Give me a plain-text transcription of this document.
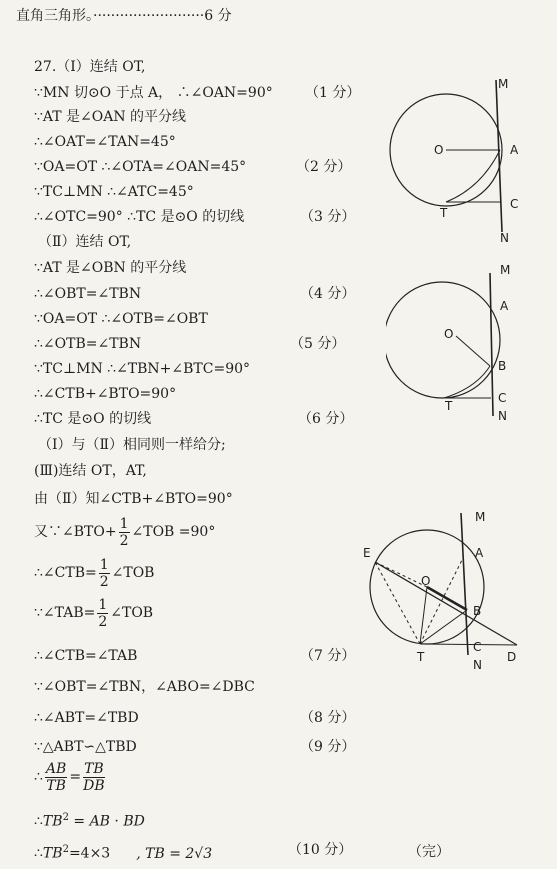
直角三角形。·························6 分
27.（Ⅰ）连结 OT,
∵MN 切⊙O 于点 A， ∴∠OAN=90° （1 分）
∵AT 是∠OAN 的平分线
∴∠OAT=∠TAN=45°
∵OA=OT ∴∠OTA=∠OAN=45°	（2 分）
∵TC⊥MN ∴∠ATC=45°
∴∠OTC=90° ∴TC 是⊙O 的切线	（3 分）
（Ⅱ）连结 OT,
∵AT 是∠OBN 的平分线
∴∠OBT=∠TBN	（4 分）
∵OA=OT ∴∠OTB=∠OBT
∴∠OTB=∠TBN	（5 分）
∵TC⊥MN ∴∠TBN+∠BTC=90°
∴∠CTB+∠BTO=90°
∴TC 是⊙O 的切线	（6 分）
（Ⅰ）与（Ⅱ）相同则一样给分;
(Ⅲ)连结 OT，AT,
由（Ⅱ）知∠CTB+∠BTO=90°
又∵∠BTO+ $\frac{1}{2}$ ∠TOB =90°
∴∠CTB= $\frac{1}{2}$ ∠TOB
∵∠TAB= $\frac{1}{2}$ ∠TOB
∴∠CTB=∠TAB	（7 分）
∵∠OBT=∠TBN，∠ABO=∠DBC
∴∠ABT=∠TBD	（8 分）
∵△ABT∽△TBD	（9 分）
∴ $\frac{AB}{TB} = \frac{TB}{DB}$
$\therefore TB^2$ = AB · BD
$\therefore TB^2=4\times 3$ , TB = 2√3	（10 分）	（完）
M
O	A
T
C
N
M
A
O
B
T
C
N
M
E	A
O
B
T
C
N
D
